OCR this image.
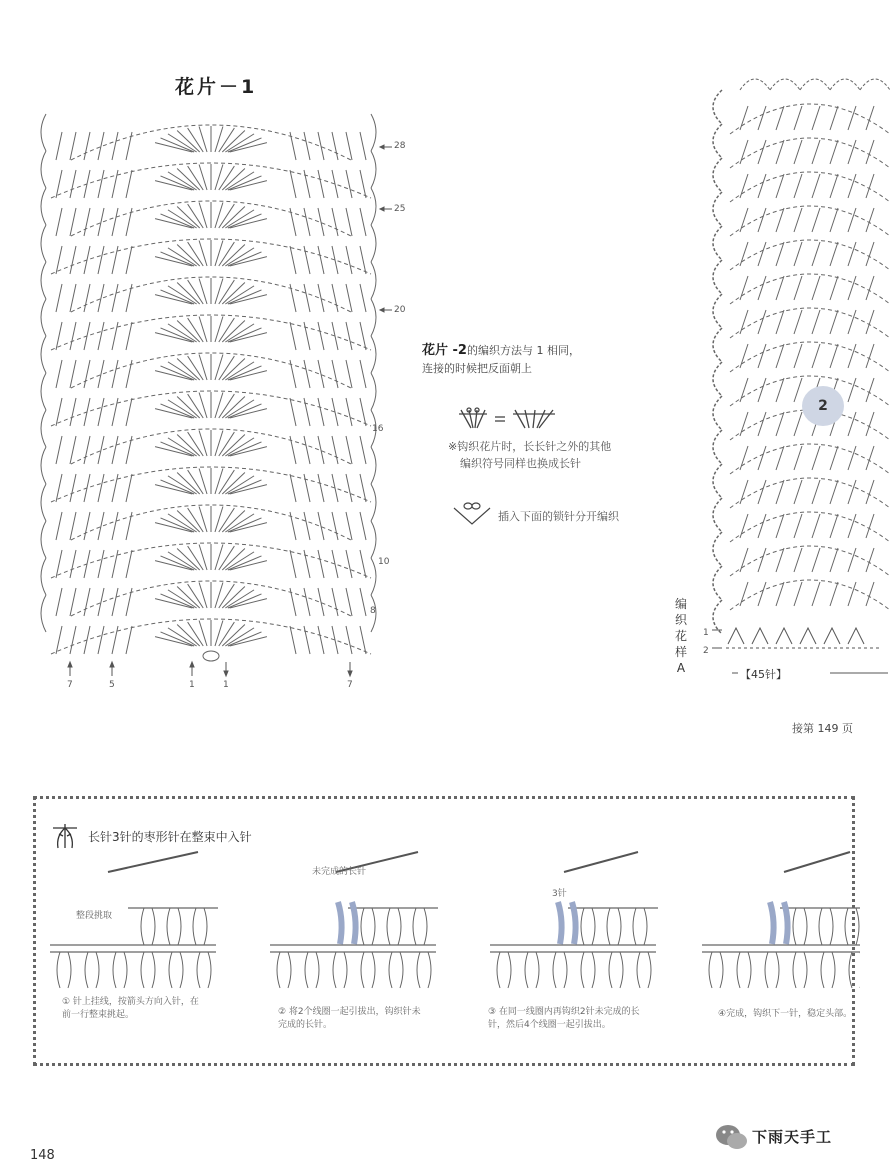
花片－1
28
25
20
16
10
8
7	5	1	1	7
花片 -2的编织方法与 1 相同，
连接的时候把反面朝上
※钩织花片时，长长针之外的其他
编织符号同样也换成长针
插入下面的锁针分开编织
2
编
织
花
样
A
1
2
【45针】
接第 149 页
长针3针的枣形针在整束中入针
整段挑取
未完成的长针
3针
① 针上挂线，按箭头方向入针，在
前一行整束挑起。	② 将2个线圈一起引拔出，钩织针未
完成的长针。
③ 在同一线圈内再钩织2针未完成的长
针，然后4个线圈一起引拔出。
④完成，钩织下一针，稳定头部。
148
下雨天手工
